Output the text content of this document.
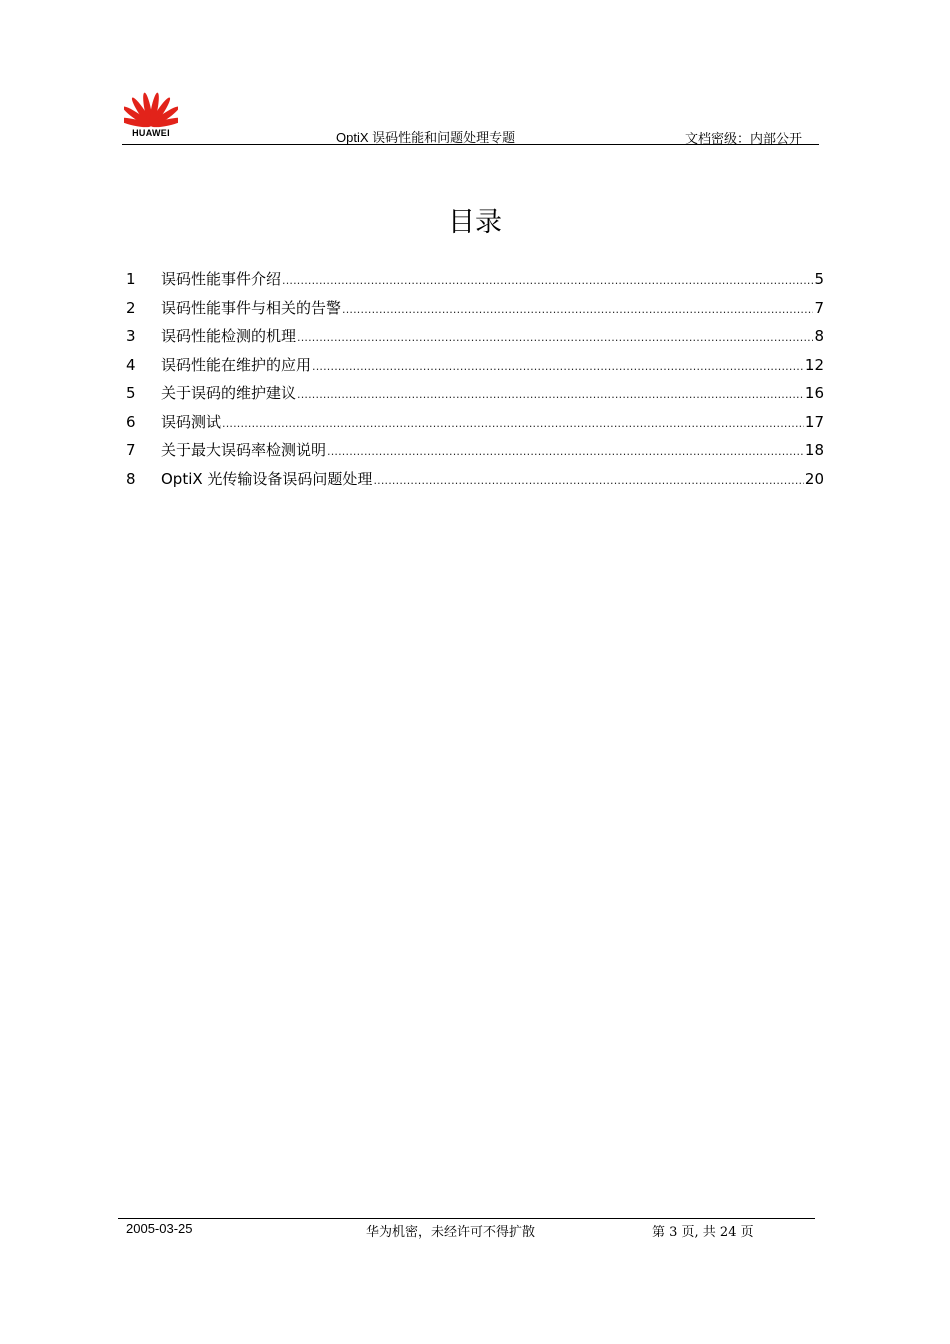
HUAWEI	OptiX 误码性能和问题处理专题	文档密级：内部公开
目录
1	误码性能事件介绍 .....	5
2	误码性能事件与相关的告警 .....	7
3	误码性能检测的机理 .....	8
4	误码性能在维护的应用 .....	12
5	关于误码的维护建议 .....	16
6	误码测试 .....	17
7	关于最大误码率检测说明 .....	18
8	OptiX 光传输设备误码问题处理 .....	20
2005-03-25	华为机密，未经许可不得扩散	第 3 页, 共 24 页
